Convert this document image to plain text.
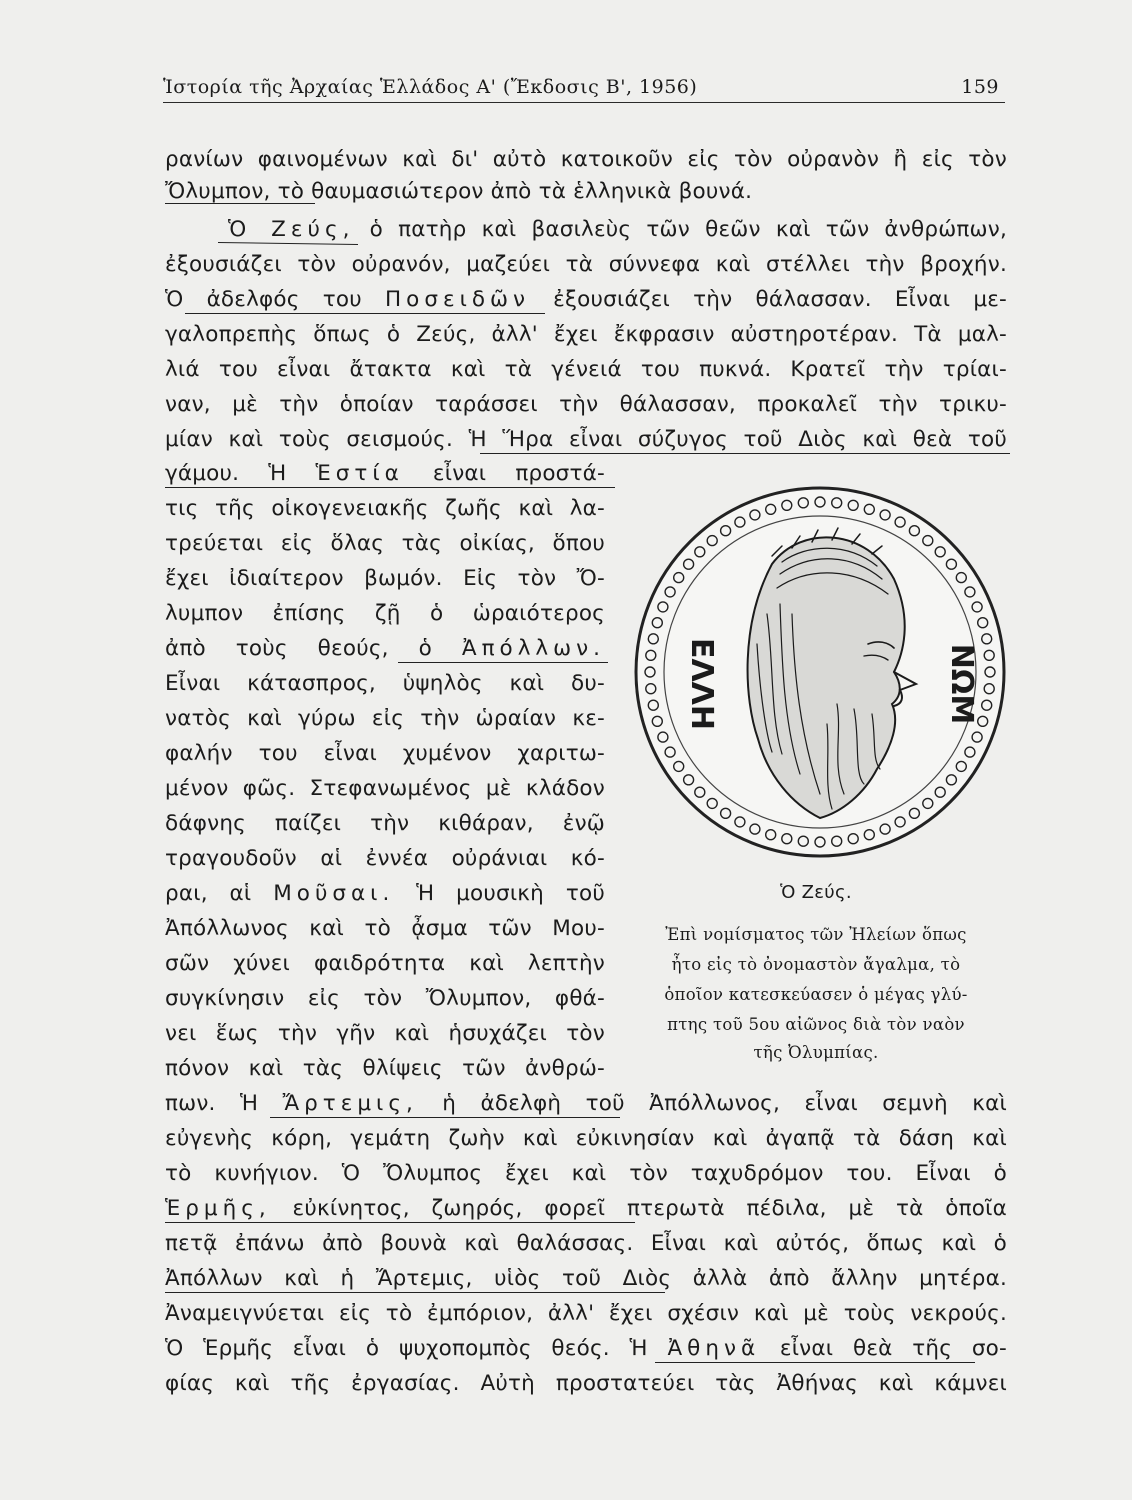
Ἱστορία τῆς Ἀρχαίας Ἑλλάδος Α' (Ἔκδοσις Β', 1956)	159
ρανίων φαινομένων καὶ δι' αὐτὸ κατοικοῦν εἰς τὸν οὐρανὸν ἢ εἰς τὸν
Ὄλυμπον, τὸ θαυμασιώτερον ἀπὸ τὰ ἑλληνικὰ βουνά.
Ὁ Ζεύς, ὁ πατὴρ καὶ βασιλεὺς τῶν θεῶν καὶ τῶν ἀνθρώπων,
ἐξουσιάζει τὸν οὐρανόν, μαζεύει τὰ σύννεφα καὶ στέλλει τὴν βροχήν.
Ὁ ἀδελφός του Ποσειδῶν ἐξουσιάζει τὴν θάλασσαν. Εἶναι με-
γαλοπρεπὴς ὅπως ὁ Ζεύς, ἀλλ' ἔχει ἔκφρασιν αὐστηροτέραν. Τὰ μαλ-
λιά του εἶναι ἄτακτα καὶ τὰ γένειά του πυκνά. Κρατεῖ τὴν τρίαι-
ναν, μὲ τὴν ὁποίαν ταράσσει τὴν θάλασσαν, προκαλεῖ τὴν τρικυ-
μίαν καὶ τοὺς σεισμούς. Ἡ Ἥρα εἶναι σύζυγος τοῦ Διὸς καὶ θεὰ τοῦ
γάμου. Ἡ Ἑστία εἶναι προστά-
τις τῆς οἰκογενειακῆς ζωῆς καὶ λα-
τρεύεται εἰς ὅλας τὰς οἰκίας, ὅπου
ἔχει ἰδιαίτερον βωμόν. Εἰς τὸν Ὄ-
λυμπον ἐπίσης ζῇ ὁ ὡραιότερος
ἀπὸ τοὺς θεούς, ὁ Ἀπόλλων.
Εἶναι κάτασπρος, ὑψηλὸς καὶ δυ-
νατὸς καὶ γύρω εἰς τὴν ὡραίαν κε-
φαλήν του εἶναι χυμένον χαριτω-
μένον φῶς. Στεφανωμένος μὲ κλάδον
δάφνης παίζει τὴν κιθάραν, ἐνῷ
τραγουδοῦν αἱ ἐννέα οὐράνιαι κό-
ραι, αἱ Μοῦσαι. Ἡ μουσικὴ τοῦ
Ἀπόλλωνος καὶ τὸ ᾆσμα τῶν Μου-
σῶν χύνει φαιδρότητα καὶ λεπτὴν
συγκίνησιν εἰς τὸν Ὄλυμπον, φθά-
νει ἕως τὴν γῆν καὶ ἡσυχάζει τὸν
πόνον καὶ τὰς θλίψεις τῶν ἀνθρώ-
πων. Ἡ Ἄρτεμις, ἡ ἀδελφὴ τοῦ Ἀπόλλωνος, εἶναι σεμνὴ καὶ
εὐγενὴς κόρη, γεμάτη ζωὴν καὶ εὐκινησίαν καὶ ἀγαπᾷ τὰ δάση καὶ
τὸ κυνήγιον. Ὁ Ὄλυμπος ἔχει καὶ τὸν ταχυδρόμον του. Εἶναι ὁ
Ἑρμῆς, εὐκίνητος, ζωηρός, φορεῖ πτερωτὰ πέδιλα, μὲ τὰ ὁποῖα
πετᾷ ἐπάνω ἀπὸ βουνὰ καὶ θαλάσσας. Εἶναι καὶ αὐτός, ὅπως καὶ ὁ
Ἀπόλλων καὶ ἡ Ἄρτεμις, υἱὸς τοῦ Διὸς ἀλλὰ ἀπὸ ἄλλην μητέρα.
Ἀναμειγνύεται εἰς τὸ ἐμπόριον, ἀλλ' ἔχει σχέσιν καὶ μὲ τοὺς νεκρούς.
Ὁ Ἑρμῆς εἶναι ὁ ψυχοπομπὸς θεός. Ἡ Ἀθηνᾶ εἶναι θεὰ τῆς σο-
φίας καὶ τῆς ἐργασίας. Αὐτὴ προστατεύει τὰς Ἀθήνας καὶ κάμνει
ΕΛΛΗ	ΝΩΜ
Ὁ Ζεύς.
Ἐπὶ νομίσματος τῶν Ἠλείων ὅπως
ἦτο εἰς τὸ ὀνομαστὸν ἄγαλμα, τὸ
ὁποῖον κατεσκεύασεν ὁ μέγας γλύ-
πτης τοῦ 5ου αἰῶνος διὰ τὸν ναὸν
τῆς Ὀλυμπίας.
